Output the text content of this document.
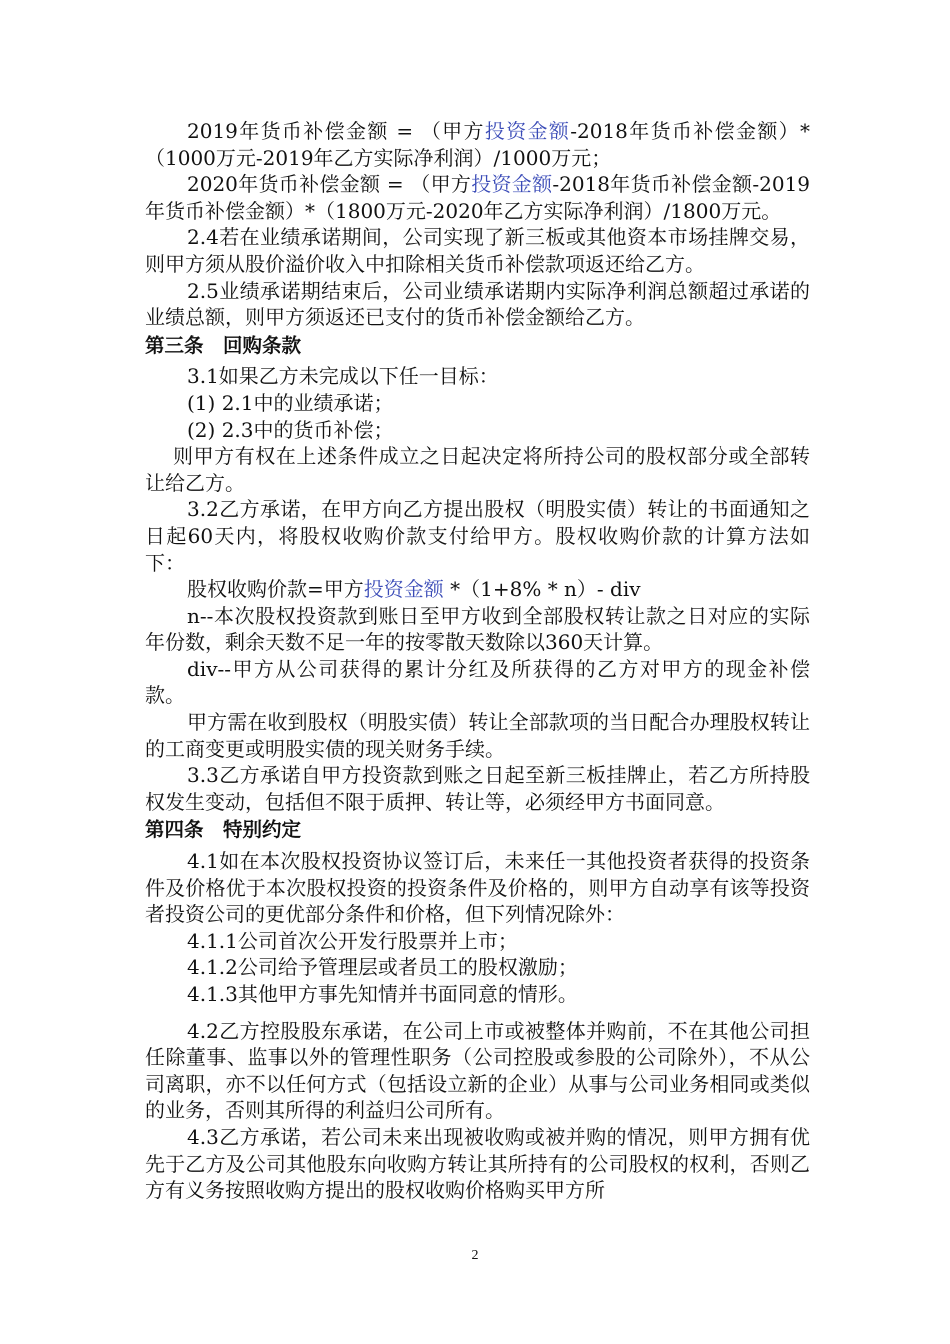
2019年货币补偿金额 = （甲方投资金额-2018年货币补偿金额）*（1000万元-2019年乙方实际净利润）/1000万元；

2020年货币补偿金额 = （甲方投资金额-2018年货币补偿金额-2019年货币补偿金额）*（1800万元-2020年乙方实际净利润）/1800万元。

2.4若在业绩承诺期间，公司实现了新三板或其他资本市场挂牌交易，则甲方须从股价溢价收入中扣除相关货币补偿款项返还给乙方。

2.5业绩承诺期结束后，公司业绩承诺期内实际净利润总额超过承诺的业绩总额，则甲方须返还已支付的货币补偿金额给乙方。

第三条　回购条款

3.1如果乙方未完成以下任一目标：

(1) 2.1中的业绩承诺；

(2) 2.3中的货币补偿；

则甲方有权在上述条件成立之日起决定将所持公司的股权部分或全部转让给乙方。

3.2乙方承诺，在甲方向乙方提出股权（明股实债）转让的书面通知之日起60天内，将股权收购价款支付给甲方。股权收购价款的计算方法如下：

股权收购价款=甲方投资金额 *（1+8% * n）- div

n--本次股权投资款到账日至甲方收到全部股权转让款之日对应的实际年份数，剩余天数不足一年的按零散天数除以360天计算。

div--甲方从公司获得的累计分红及所获得的乙方对甲方的现金补偿款。

甲方需在收到股权（明股实债）转让全部款项的当日配合办理股权转让的工商变更或明股实债的现关财务手续。

3.3乙方承诺自甲方投资款到账之日起至新三板挂牌止，若乙方所持股权发生变动，包括但不限于质押、转让等，必须经甲方书面同意。

第四条　特别约定

4.1如在本次股权投资协议签订后，未来任一其他投资者获得的投资条件及价格优于本次股权投资的投资条件及价格的，则甲方自动享有该等投资者投资公司的更优部分条件和价格，但下列情况除外：

4.1.1公司首次公开发行股票并上市；

4.1.2公司给予管理层或者员工的股权激励；

4.1.3其他甲方事先知情并书面同意的情形。

4.2乙方控股股东承诺，在公司上市或被整体并购前，不在其他公司担任除董事、监事以外的管理性职务（公司控股或参股的公司除外），不从公司离职，亦不以任何方式（包括设立新的企业）从事与公司业务相同或类似的业务，否则其所得的利益归公司所有。

4.3乙方承诺，若公司未来出现被收购或被并购的情况，则甲方拥有优先于乙方及公司其他股东向收购方转让其所持有的公司股权的权利，否则乙方有义务按照收购方提出的股权收购价格购买甲方所

2
